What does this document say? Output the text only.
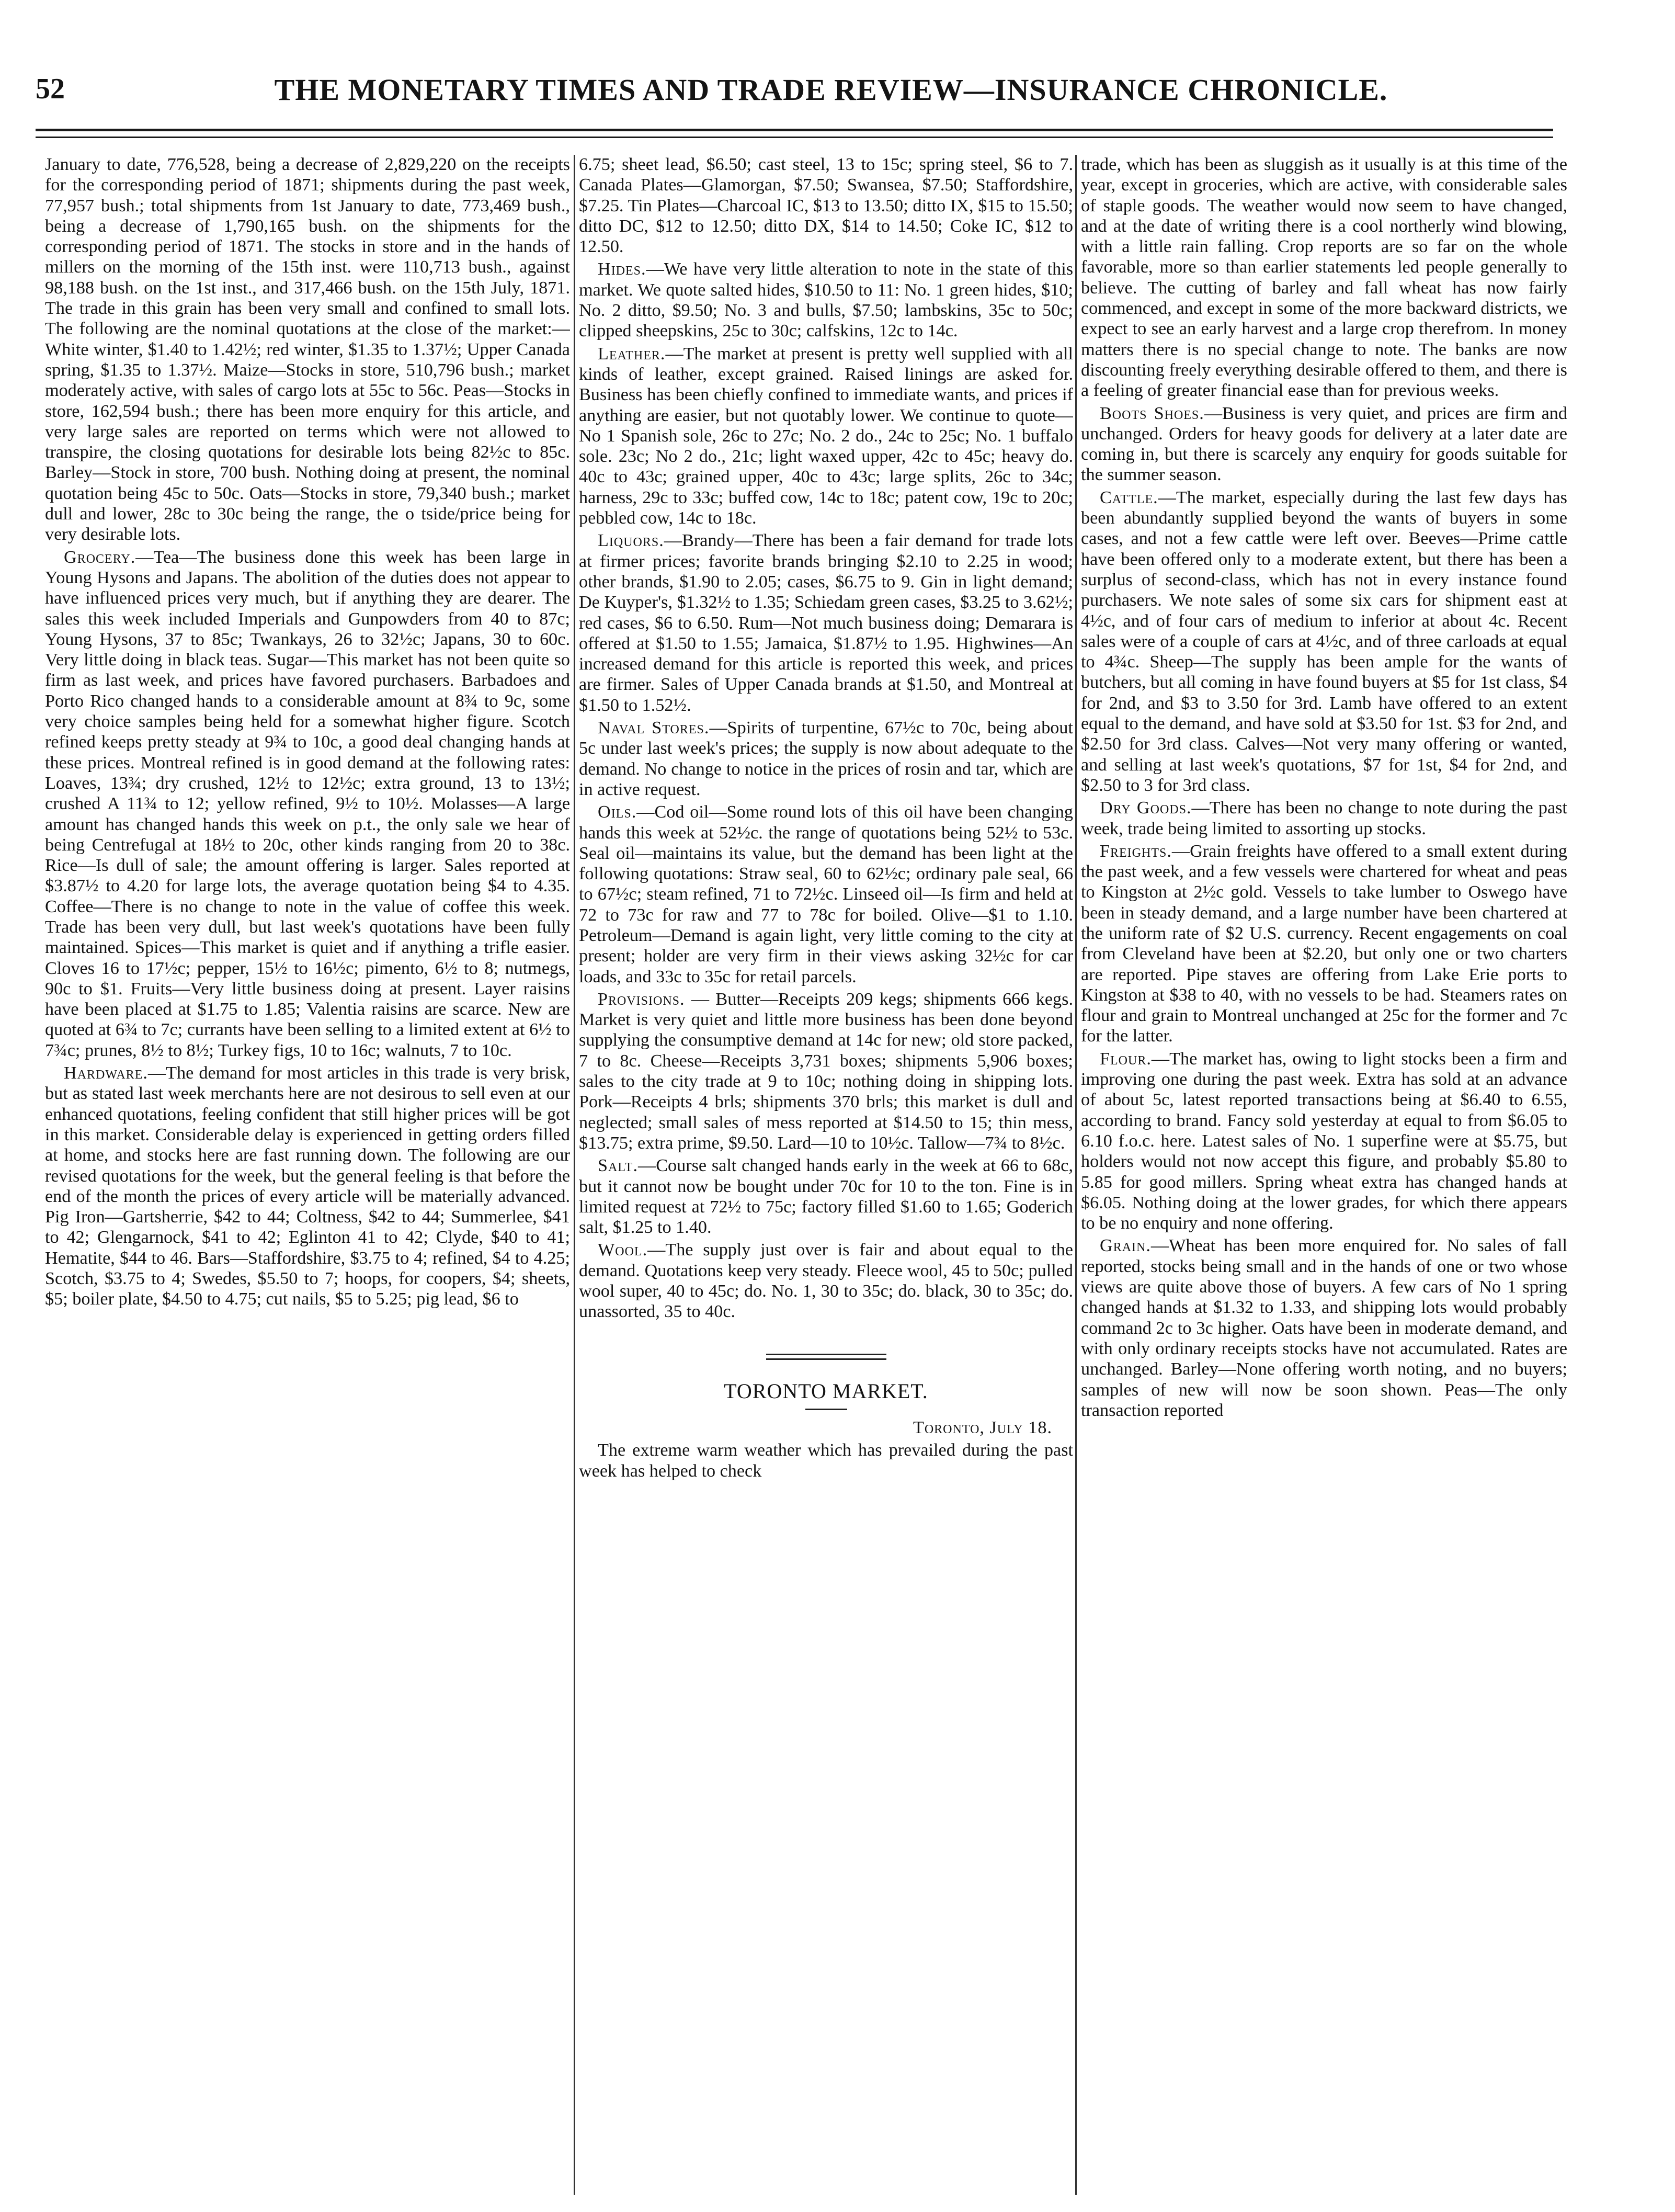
52	THE MONETARY TIMES AND TRADE REVIEW—INSURANCE CHRONICLE.

January to date, 776,528, being a decrease of 2,829,220 on the receipts for the corresponding period of 1871; shipments during the past week, 77,957 bush.; total shipments from 1st January to date, 773,469 bush., being a decrease of 1,790,165 bush. on the shipments for the corresponding period of 1871. The stocks in store and in the hands of millers on the morning of the 15th inst. were 110,713 bush., against 98,188 bush. on the 1st inst., and 317,466 bush. on the 15th July, 1871. The trade in this grain has been very small and confined to small lots. The following are the nominal quotations at the close of the market:—White winter, $1.40 to 1.42½; red winter, $1.35 to 1.37½; Upper Canada spring, $1.35 to 1.37½. Maize—Stocks in store, 510,796 bush.; market moderately active, with sales of cargo lots at 55c to 56c. Peas—Stocks in store, 162,594 bush.; there has been more enquiry for this article, and very large sales are reported on terms which were not allowed to transpire, the closing quotations for desirable lots being 82½c to 85c. Barley—Stock in store, 700 bush. Nothing doing at present, the nominal quotation being 45c to 50c. Oats—Stocks in store, 79,340 bush.; market dull and lower, 28c to 30c being the range, the o tside/price being for very desirable lots.

Grocery.—Tea—The business done this week has been large in Young Hysons and Japans. The abolition of the duties does not appear to have influenced prices very much, but if anything they are dearer. The sales this week included Imperials and Gunpowders from 40 to 87c; Young Hysons, 37 to 85c; Twankays, 26 to 32½c; Japans, 30 to 60c. Very little doing in black teas. Sugar—This market has not been quite so firm as last week, and prices have favored purchasers. Barbadoes and Porto Rico changed hands to a considerable amount at 8¾ to 9c, some very choice samples being held for a somewhat higher figure. Scotch refined keeps pretty steady at 9¾ to 10c, a good deal changing hands at these prices. Montreal refined is in good demand at the following rates: Loaves, 13¾; dry crushed, 12½ to 12½c; extra ground, 13 to 13½; crushed A 11¾ to 12; yellow refined, 9½ to 10½. Molasses—A large amount has changed hands this week on p.t., the only sale we hear of being Centrefugal at 18½ to 20c, other kinds ranging from 20 to 38c. Rice—Is dull of sale; the amount offering is larger. Sales reported at $3.87½ to 4.20 for large lots, the average quotation being $4 to 4.35. Coffee—There is no change to note in the value of coffee this week. Trade has been very dull, but last week's quotations have been fully maintained. Spices—This market is quiet and if anything a trifle easier. Cloves 16 to 17½c; pepper, 15½ to 16½c; pimento, 6½ to 8; nutmegs, 90c to $1. Fruits—Very little business doing at present. Layer raisins have been placed at $1.75 to 1.85; Valentia raisins are scarce. New are quoted at 6¾ to 7c; currants have been selling to a limited extent at 6½ to 7¾c; prunes, 8½ to 8½; Turkey figs, 10 to 16c; walnuts, 7 to 10c.

Hardware.—The demand for most articles in this trade is very brisk, but as stated last week merchants here are not desirous to sell even at our enhanced quotations, feeling confident that still higher prices will be got in this market. Considerable delay is experienced in getting orders filled at home, and stocks here are fast running down. The following are our revised quotations for the week, but the general feeling is that before the end of the month the prices of every article will be materially advanced. Pig Iron—Gartsherrie, $42 to 44; Coltness, $42 to 44; Summerlee, $41 to 42; Glengarnock, $41 to 42; Eglinton 41 to 42; Clyde, $40 to 41; Hematite, $44 to 46. Bars—Staffordshire, $3.75 to 4; refined, $4 to 4.25; Scotch, $3.75 to 4; Swedes, $5.50 to 7; hoops, for coopers, $4; sheets, $5; boiler plate, $4.50 to 4.75; cut nails, $5 to 5.25; pig lead, $6 to

6.75; sheet lead, $6.50; cast steel, 13 to 15c; spring steel, $6 to 7. Canada Plates—Glamorgan, $7.50; Swansea, $7.50; Staffordshire, $7.25. Tin Plates—Charcoal IC, $13 to 13.50; ditto IX, $15 to 15.50; ditto DC, $12 to 12.50; ditto DX, $14 to 14.50; Coke IC, $12 to 12.50.

Hides.—We have very little alteration to note in the state of this market. We quote salted hides, $10.50 to 11: No. 1 green hides, $10; No. 2 ditto, $9.50; No. 3 and bulls, $7.50; lambskins, 35c to 50c; clipped sheepskins, 25c to 30c; calfskins, 12c to 14c.

Leather.—The market at present is pretty well supplied with all kinds of leather, except grained. Raised linings are asked for. Business has been chiefly confined to immediate wants, and prices if anything are easier, but not quotably lower. We continue to quote—No 1 Spanish sole, 26c to 27c; No. 2 do., 24c to 25c; No. 1 buffalo sole. 23c; No 2 do., 21c; light waxed upper, 42c to 45c; heavy do. 40c to 43c; grained upper, 40c to 43c; large splits, 26c to 34c; harness, 29c to 33c; buffed cow, 14c to 18c; patent cow, 19c to 20c; pebbled cow, 14c to 18c.

Liquors.—Brandy—There has been a fair demand for trade lots at firmer prices; favorite brands bringing $2.10 to 2.25 in wood; other brands, $1.90 to 2.05; cases, $6.75 to 9. Gin in light demand; De Kuyper's, $1.32½ to 1.35; Schiedam green cases, $3.25 to 3.62½; red cases, $6 to 6.50. Rum—Not much business doing; Demarara is offered at $1.50 to 1.55; Jamaica, $1.87½ to 1.95. Highwines—An increased demand for this article is reported this week, and prices are firmer. Sales of Upper Canada brands at $1.50, and Montreal at $1.50 to 1.52½.

Naval Stores.—Spirits of turpentine, 67½c to 70c, being about 5c under last week's prices; the supply is now about adequate to the demand. No change to notice in the prices of rosin and tar, which are in active request.

Oils.—Cod oil—Some round lots of this oil have been changing hands this week at 52½c. the range of quotations being 52½ to 53c. Seal oil—maintains its value, but the demand has been light at the following quotations: Straw seal, 60 to 62½c; ordinary pale seal, 66 to 67½c; steam refined, 71 to 72½c. Linseed oil—Is firm and held at 72 to 73c for raw and 77 to 78c for boiled. Olive—$1 to 1.10. Petroleum—Demand is again light, very little coming to the city at present; holder are very firm in their views asking 32½c for car loads, and 33c to 35c for retail parcels.

Provisions. — Butter—Receipts 209 kegs; shipments 666 kegs. Market is very quiet and little more business has been done beyond supplying the consumptive demand at 14c for new; old store packed, 7 to 8c. Cheese—Receipts 3,731 boxes; shipments 5,906 boxes; sales to the city trade at 9 to 10c; nothing doing in shipping lots. Pork—Receipts 4 brls; shipments 370 brls; this market is dull and neglected; small sales of mess reported at $14.50 to 15; thin mess, $13.75; extra prime, $9.50. Lard—10 to 10½c. Tallow—7¾ to 8½c.

Salt.—Course salt changed hands early in the week at 66 to 68c, but it cannot now be bought under 70c for 10 to the ton. Fine is in limited request at 72½ to 75c; factory filled $1.60 to 1.65; Goderich salt, $1.25 to 1.40.

Wool.—The supply just over is fair and about equal to the demand. Quotations keep very steady. Fleece wool, 45 to 50c; pulled wool super, 40 to 45c; do. No. 1, 30 to 35c; do. black, 30 to 35c; do. unassorted, 35 to 40c.

TORONTO MARKET.

Toronto, July 18.

The extreme warm weather which has prevailed during the past week has helped to check

trade, which has been as sluggish as it usually is at this time of the year, except in groceries, which are active, with considerable sales of staple goods. The weather would now seem to have changed, and at the date of writing there is a cool northerly wind blowing, with a little rain falling. Crop reports are so far on the whole favorable, more so than earlier statements led people generally to believe. The cutting of barley and fall wheat has now fairly commenced, and except in some of the more backward districts, we expect to see an early harvest and a large crop therefrom. In money matters there is no special change to note. The banks are now discounting freely everything desirable offered to them, and there is a feeling of greater financial ease than for previous weeks.

Boots Shoes.—Business is very quiet, and prices are firm and unchanged. Orders for heavy goods for delivery at a later date are coming in, but there is scarcely any enquiry for goods suitable for the summer season.

Cattle.—The market, especially during the last few days has been abundantly supplied beyond the wants of buyers in some cases, and not a few cattle were left over. Beeves—Prime cattle have been offered only to a moderate extent, but there has been a surplus of second-class, which has not in every instance found purchasers. We note sales of some six cars for shipment east at 4½c, and of four cars of medium to inferior at about 4c. Recent sales were of a couple of cars at 4½c, and of three carloads at equal to 4¾c. Sheep—The supply has been ample for the wants of butchers, but all coming in have found buyers at $5 for 1st class, $4 for 2nd, and $3 to 3.50 for 3rd. Lamb have offered to an extent equal to the demand, and have sold at $3.50 for 1st. $3 for 2nd, and $2.50 for 3rd class. Calves—Not very many offering or wanted, and selling at last week's quotations, $7 for 1st, $4 for 2nd, and $2.50 to 3 for 3rd class.

Dry Goods.—There has been no change to note during the past week, trade being limited to assorting up stocks.

Freights.—Grain freights have offered to a small extent during the past week, and a few vessels were chartered for wheat and peas to Kingston at 2½c gold. Vessels to take lumber to Oswego have been in steady demand, and a large number have been chartered at the uniform rate of $2 U.S. currency. Recent engagements on coal from Cleveland have been at $2.20, but only one or two charters are reported. Pipe staves are offering from Lake Erie ports to Kingston at $38 to 40, with no vessels to be had. Steamers rates on flour and grain to Montreal unchanged at 25c for the former and 7c for the latter.

Flour.—The market has, owing to light stocks been a firm and improving one during the past week. Extra has sold at an advance of about 5c, latest reported transactions being at $6.40 to 6.55, according to brand. Fancy sold yesterday at equal to from $6.05 to 6.10 f.o.c. here. Latest sales of No. 1 superfine were at $5.75, but holders would not now accept this figure, and probably $5.80 to 5.85 for good millers. Spring wheat extra has changed hands at $6.05. Nothing doing at the lower grades, for which there appears to be no enquiry and none offering.

Grain.—Wheat has been more enquired for. No sales of fall reported, stocks being small and in the hands of one or two whose views are quite above those of buyers. A few cars of No 1 spring changed hands at $1.32 to 1.33, and shipping lots would probably command 2c to 3c higher. Oats have been in moderate demand, and with only ordinary receipts stocks have not accumulated. Rates are unchanged. Barley—None offering worth noting, and no buyers; samples of new will now be soon shown. Peas—The only transaction reported
